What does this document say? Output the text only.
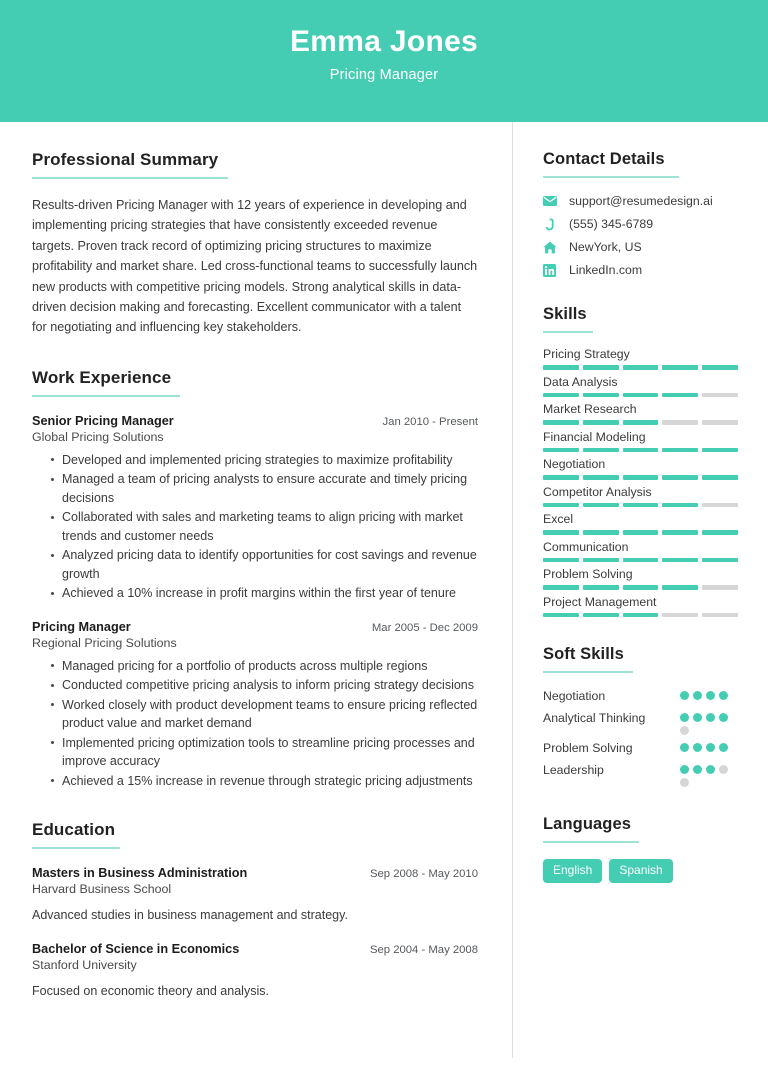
Emma Jones
Pricing Manager
Professional Summary
Results-driven Pricing Manager with 12 years of experience in developing and implementing pricing strategies that have consistently exceeded revenue targets. Proven track record of optimizing pricing structures to maximize profitability and market share. Led cross-functional teams to successfully launch new products with competitive pricing models. Strong analytical skills in data-driven decision making and forecasting. Excellent communicator with a talent for negotiating and influencing key stakeholders.
Work Experience
Senior Pricing Manager	Jan 2010 - Present
Global Pricing Solutions
Developed and implemented pricing strategies to maximize profitability
Managed a team of pricing analysts to ensure accurate and timely pricing decisions
Collaborated with sales and marketing teams to align pricing with market trends and customer needs
Analyzed pricing data to identify opportunities for cost savings and revenue growth
Achieved a 10% increase in profit margins within the first year of tenure
Pricing Manager	Mar 2005 - Dec 2009
Regional Pricing Solutions
Managed pricing for a portfolio of products across multiple regions
Conducted competitive pricing analysis to inform pricing strategy decisions
Worked closely with product development teams to ensure pricing reflected product value and market demand
Implemented pricing optimization tools to streamline pricing processes and improve accuracy
Achieved a 15% increase in revenue through strategic pricing adjustments
Education
Masters in Business Administration	Sep 2008 - May 2010
Harvard Business School
Advanced studies in business management and strategy.
Bachelor of Science in Economics	Sep 2004 - May 2008
Stanford University
Focused on economic theory and analysis.
Contact Details
support@resumedesign.ai
(555) 345-6789
NewYork, US
LinkedIn.com
Skills
Pricing Strategy
Data Analysis
Market Research
Financial Modeling
Negotiation
Competitor Analysis
Excel
Communication
Problem Solving
Project Management
Soft Skills
Negotiation
Analytical Thinking
Problem Solving
Leadership
Languages
English	Spanish
